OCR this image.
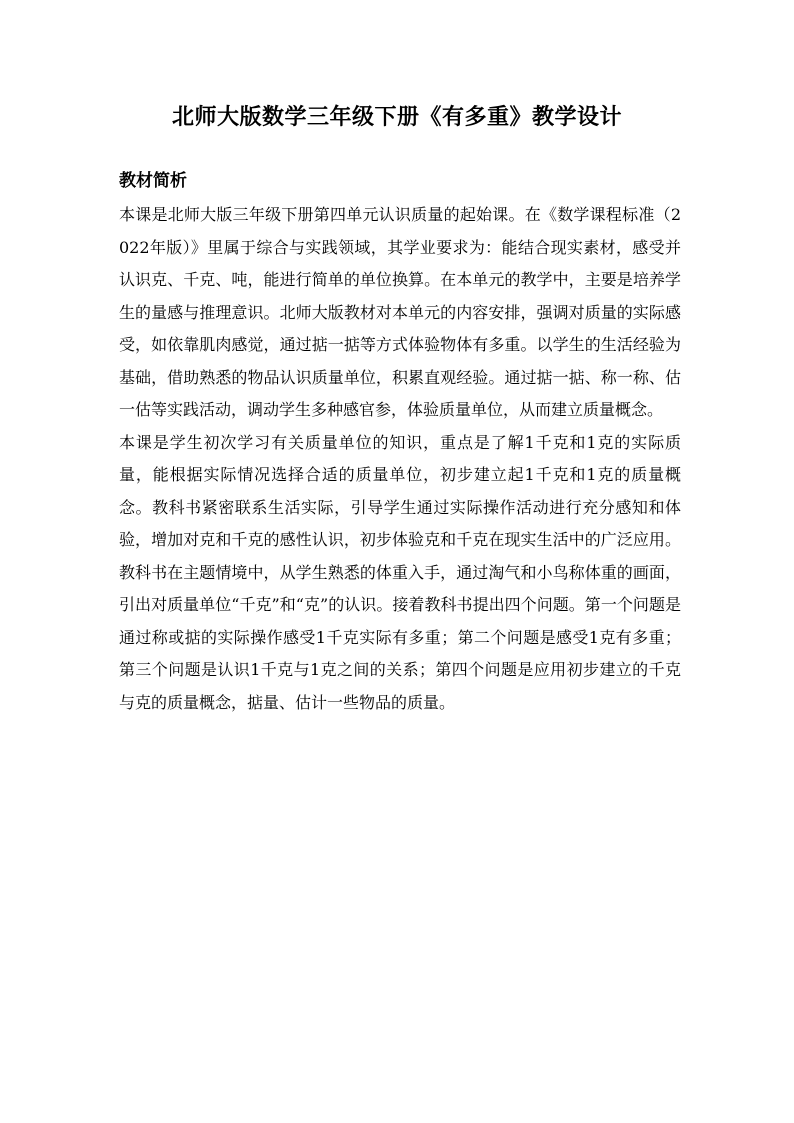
北师大版数学三年级下册《有多重》教学设计
教材简析

本课是北师大版三年级下册第四单元认识质量的起始课。在《数学课程标准（2022年版）》里属于综合与实践领域，其学业要求为：能结合现实素材，感受并认识克、千克、吨，能进行简单的单位换算。在本单元的教学中，主要是培养学生的量感与推理意识。北师大版教材对本单元的内容安排，强调对质量的实际感受，如依靠肌肉感觉，通过掂一掂等方式体验物体有多重。以学生的生活经验为基础，借助熟悉的物品认识质量单位，积累直观经验。通过掂一掂、称一称、估一估等实践活动，调动学生多种感官参，体验质量单位，从而建立质量概念。

本课是学生初次学习有关质量单位的知识，重点是了解1千克和1克的实际质量，能根据实际情况选择合适的质量单位，初步建立起1千克和1克的质量概念。教科书紧密联系生活实际，引导学生通过实际操作活动进行充分感知和体验，增加对克和千克的感性认识，初步体验克和千克在现实生活中的广泛应用。教科书在主题情境中，从学生熟悉的体重入手，通过淘气和小鸟称体重的画面，引出对质量单位“千克”和“克”的认识。接着教科书提出四个问题。第一个问题是通过称或掂的实际操作感受1千克实际有多重；第二个问题是感受1克有多重；第三个问题是认识1千克与1克之间的关系；第四个问题是应用初步建立的千克与克的质量概念，掂量、估计一些物品的质量。
